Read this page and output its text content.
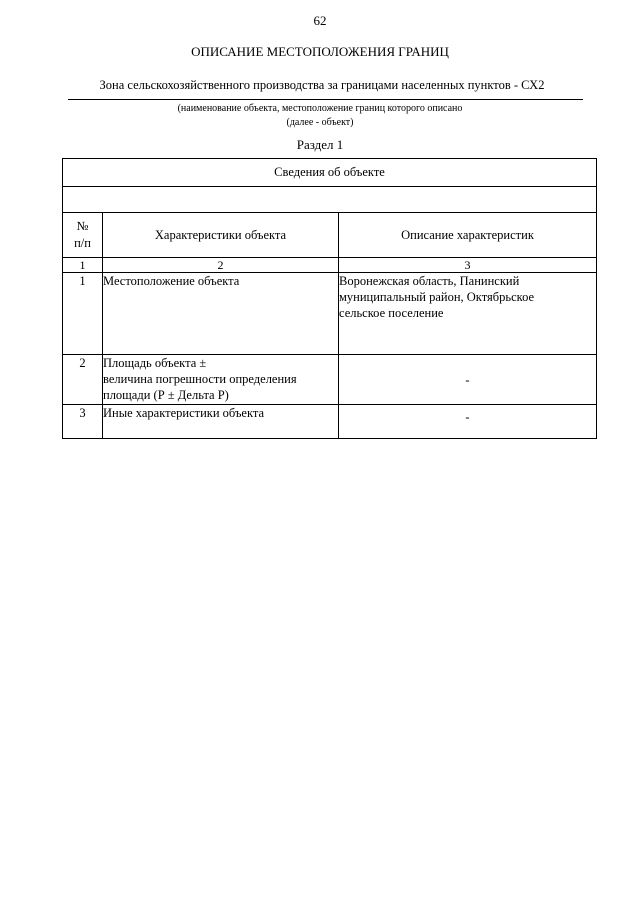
62
ОПИСАНИЕ МЕСТОПОЛОЖЕНИЯ ГРАНИЦ
Зона сельскохозяйственного производства за границами населенных пунктов - СХ2
(наименование объекта, местоположение границ которого описано
(далее - объект)
Раздел 1
Сведения об объекте		

№
п/п	Характеристики объекта	Описание характеристик
1	2	3
1	Местоположение объекта	Воронежская область, Панинский
муниципальный район, Октябрьское
сельское поселение

2	Площадь объекта ±
величина погрешности определения
площади (Р ± Дельта Р)	-
3	Иные характеристики объекта	-
